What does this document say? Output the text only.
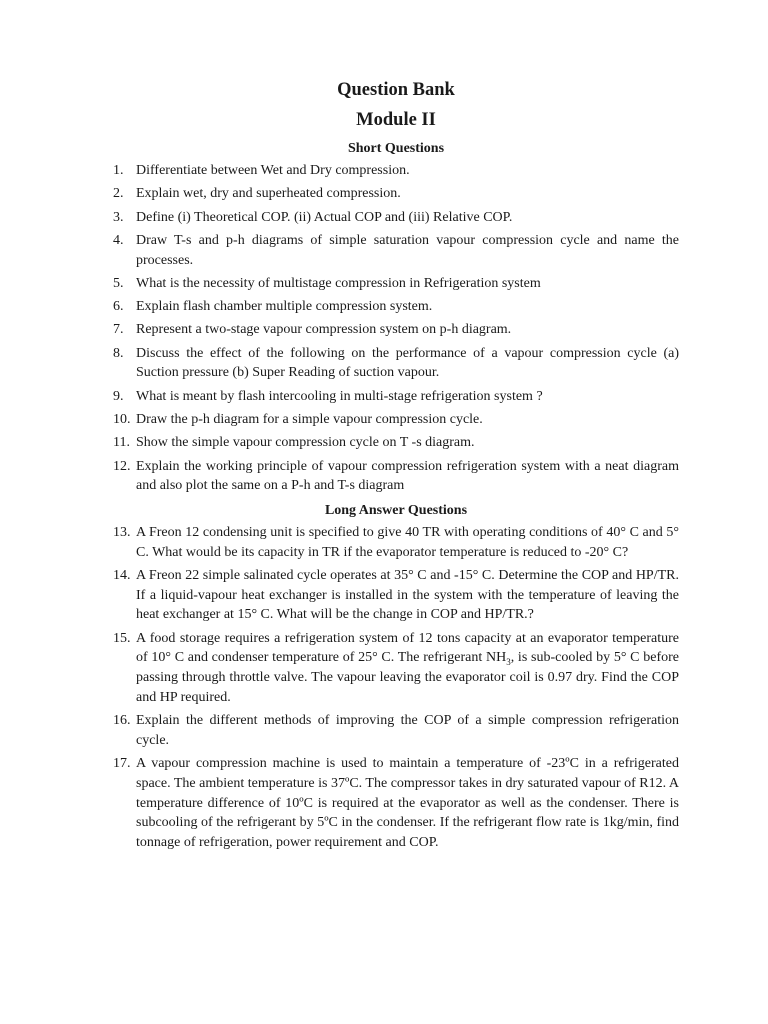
Question Bank
Module II
Short Questions
1. Differentiate between Wet and Dry compression.
2. Explain wet, dry and superheated compression.
3. Define (i) Theoretical COP. (ii) Actual COP and (iii) Relative COP.
4. Draw T-s and p-h diagrams of simple saturation vapour compression cycle and name the processes.
5. What is the necessity of multistage compression in Refrigeration system
6. Explain flash chamber multiple compression system.
7. Represent a two-stage vapour compression system on p-h diagram.
8. Discuss the effect of the following on the performance of a vapour compression cycle (a) Suction pressure (b) Super Reading of suction vapour.
9. What is meant by flash intercooling in multi-stage refrigeration system ?
10. Draw the p-h diagram for a simple vapour compression cycle.
11. Show the simple vapour compression cycle on T -s diagram.
12. Explain the working principle of vapour compression refrigeration system with a neat diagram and also plot the same on a P-h and T-s diagram
Long Answer Questions
13. A Freon 12 condensing unit is specified to give 40 TR with operating conditions of 40° C and 5° C. What would be its capacity in TR if the evaporator temperature is reduced to -20° C?
14. A Freon 22 simple salinated cycle operates at 35° C and -15° C. Determine the COP and HP/TR. If a liquid-vapour heat exchanger is installed in the system with the temperature of leaving the heat exchanger at 15° C. What will be the change in COP and HP/TR.?
15. A food storage requires a refrigeration system of 12 tons capacity at an evaporator temperature of 10° C and condenser temperature of 25° C. The refrigerant $NH_3$, is sub-cooled by 5° C before passing through throttle valve. The vapour leaving the evaporator coil is 0.97 dry. Find the COP and HP required.
16. Explain the different methods of improving the COP of a simple compression refrigeration cycle.
17. A vapour compression machine is used to maintain a temperature of -23ºC in a refrigerated space. The ambient temperature is 37ºC. The compressor takes in dry saturated vapour of R12. A temperature difference of 10ºC is required at the evaporator as well as the condenser. There is subcooling of the refrigerant by 5ºC in the condenser. If the refrigerant flow rate is 1kg/min, find tonnage of refrigeration, power requirement and COP.
